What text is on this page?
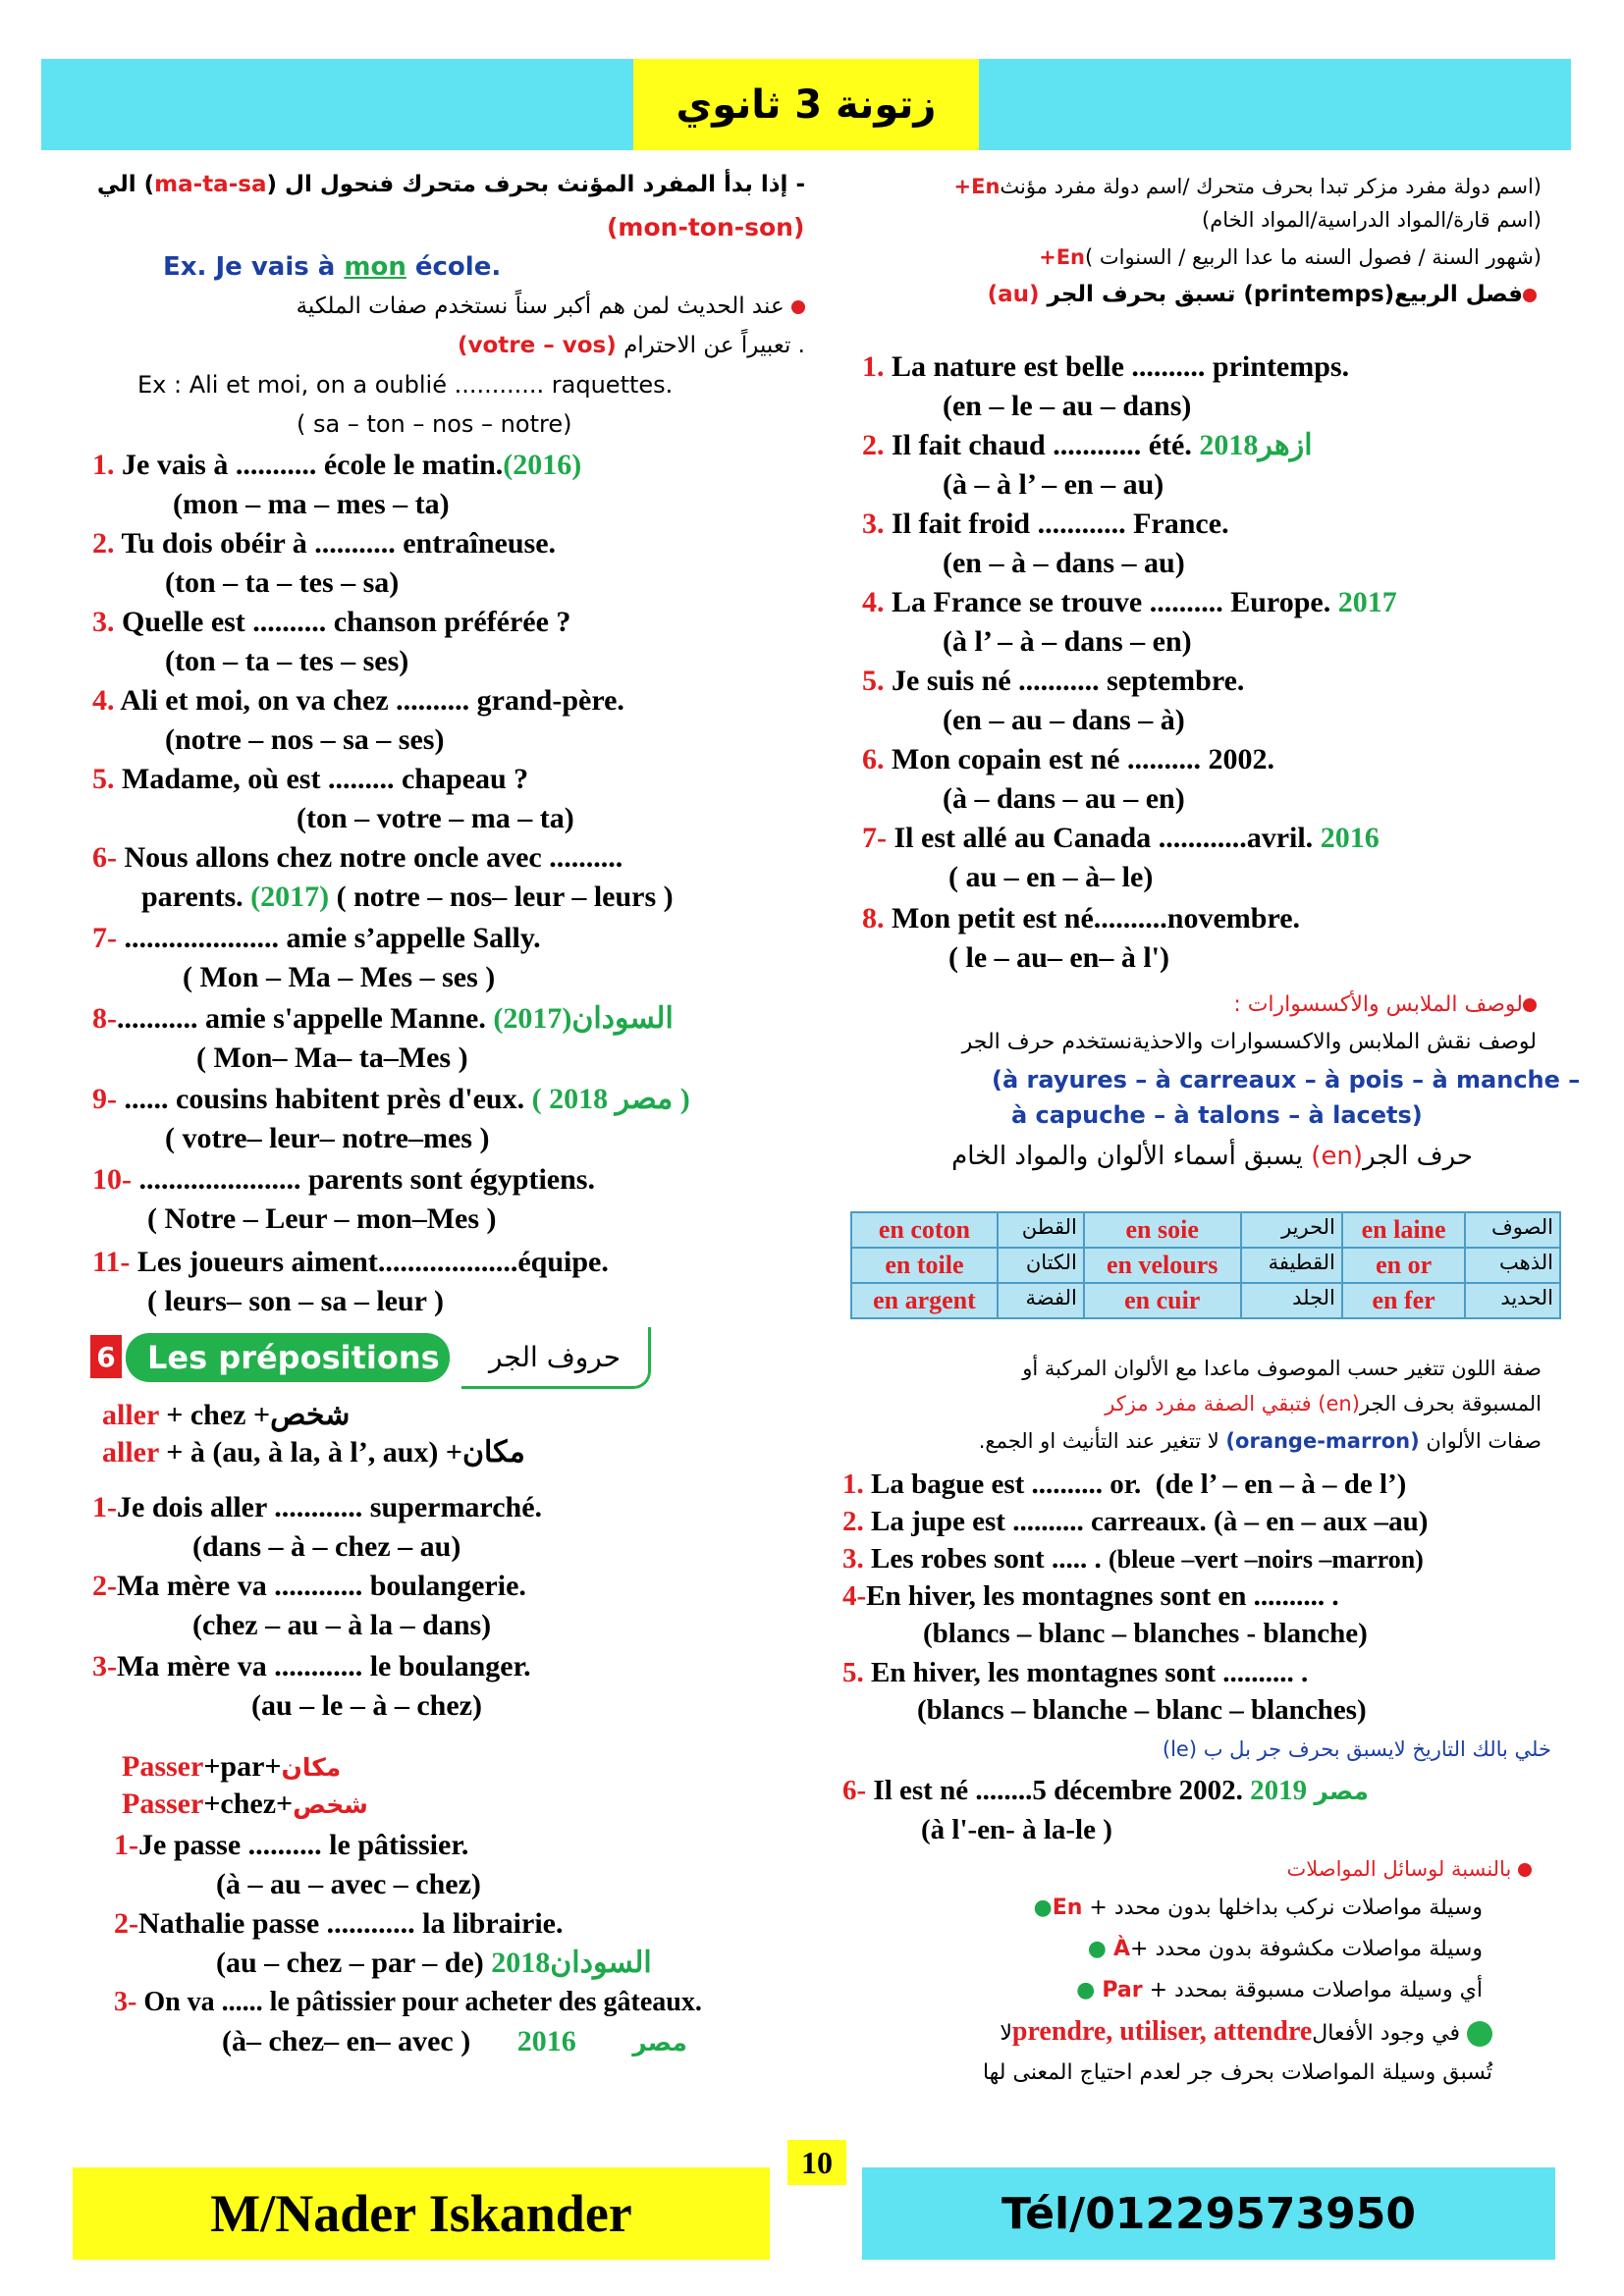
زتونة 3 ثانوي
- إذا بدأ المفرد المؤنث بحرف متحرك فنحول ال (ma-ta-sa) الي
(mon-ton-son)
Ex. Je vais à mon école.
عند الحديث لمن هم أكبر سناً نستخدم صفات الملكية
(votre – vos) تعبيراً عن الاحترام .
Ex : Ali et moi, on a oublié ............ raquettes.
( sa – ton – nos – notre)
1. Je vais à ........... école le matin.(2016)
(mon – ma – mes – ta)
2. Tu dois obéir à ........... entraîneuse.
(ton – ta – tes – sa)
3. Quelle est .......... chanson préférée ?
(ton – ta – tes – ses)
4. Ali et moi, on va chez .......... grand-père.
(notre – nos – sa – ses)
5. Madame, où est ......... chapeau ?
(ton – votre – ma – ta)
6- Nous allons chez notre oncle avec ..........
parents. (2017) ( notre – nos– leur – leurs )
7- ..................... amie s’appelle Sally.
( Mon – Ma – Mes – ses )
8-........... amie s'appelle Manne. (2017)السودان
( Mon– Ma– ta–Mes )
9- ...... cousins habitent près d'eux. ( 2018 مصر )
( votre– leur– notre–mes )
10- ...................... parents sont égyptiens.
( Notre – Leur – mon–Mes )
11- Les joueurs aiment...................équipe.
( leurs– son – sa – leur )
6	Les prépositions	حروف الجر
aller + chez +شخص
aller + à (au, à la, à l’, aux) +مكان
1-Je dois aller ............ supermarché.
(dans – à – chez – au)
2-Ma mère va ............ boulangerie.
(chez – au – à la – dans)
3-Ma mère va ............ le boulanger.
(au – le – à – chez)
Passer+par+مكان
Passer+chez+شخص
1-Je passe .......... le pâtissier.
(à – au – avec – chez)
2-Nathalie passe ............ la librairie.
(au – chez – par – de) السودان2018
3- On va ...... le pâtissier pour acheter des gâteaux.
(à– chez– en– avec ) 2016 مصر
(اسم دولة مفرد مزكر تبدا بحرف متحرك /اسم دولة مفرد مؤنثEn+
(اسم قارة/المواد الدراسية/المواد الخام)
(شهور السنة / فصول السنه ما عدا الربيع / السنوات )En+
فصل الربيع(printemps) تسبق بحرف الجر (au)
1. La nature est belle .......... printemps.
(en – le – au – dans)
2. Il fait chaud ............ été. 2018ازهر
(à – à l’ – en – au)
3. Il fait froid ............ France.
(en – à – dans – au)
4. La France se trouve .......... Europe. 2017
(à l’ – à – dans – en)
5. Je suis né ........... septembre.
(en – au – dans – à)
6. Mon copain est né .......... 2002.
(à – dans – au – en)
7- Il est allé au Canada ............avril. 2016
( au – en – à– le)
8. Mon petit est né..........novembre.
( le – au– en– à l')
لوصف الملابس والأكسسوارات :
لوصف نقش الملابس والاكسسوارات والاحذيةنستخدم حرف الجر
(à rayures – à carreaux – à pois – à manche –
à capuche – à talons – à lacets)
حرف الجر(en) يسبق أسماء الألوان والمواد الخام
en coton	القطن	en soie	الحرير	en laine	الصوف
en toile	الكتان	en velours	القطيفة	en or	الذهب
en argent	الفضة	en cuir	الجلد	en fer	الحديد
صفة اللون تتغير حسب الموصوف ماعدا مع الألوان المركبة أو
المسبوقة بحرف الجر(en) فتبقي الصفة مفرد مزكر
صفات الألوان (orange-marron) لا تتغير عند التأنيث او الجمع.
1. La bague est .......... or. (de l’ – en – à – de l’)
2. La jupe est .......... carreaux. (à – en – aux –au)
3. Les robes sont ..... . (bleue –vert –noirs –marron)
4-En hiver, les montagnes sont en .......... .
(blancs – blanc – blanches - blanche)
5. En hiver, les montagnes sont .......... .
(blancs – blanche – blanc – blanches)
خلي بالك التاريخ لايسبق بحرف جر بل ب (le)
6- Il est né ........5 décembre 2002. 2019 مصر
(à l'-en- à la-le )
بالنسبة لوسائل المواصلات
وسيلة مواصلات نركب بداخلها بدون محدد + En●
وسيلة مواصلات مكشوفة بدون محدد +À ●
أي وسيلة مواصلات مسبوقة بمحدد + Par ●
في وجود الأفعالprendre, utiliser, attendreلا
تُسبق وسيلة المواصلات بحرف جر لعدم احتياج المعنى لها
10
M/Nader Iskander	Tél/01229573950
